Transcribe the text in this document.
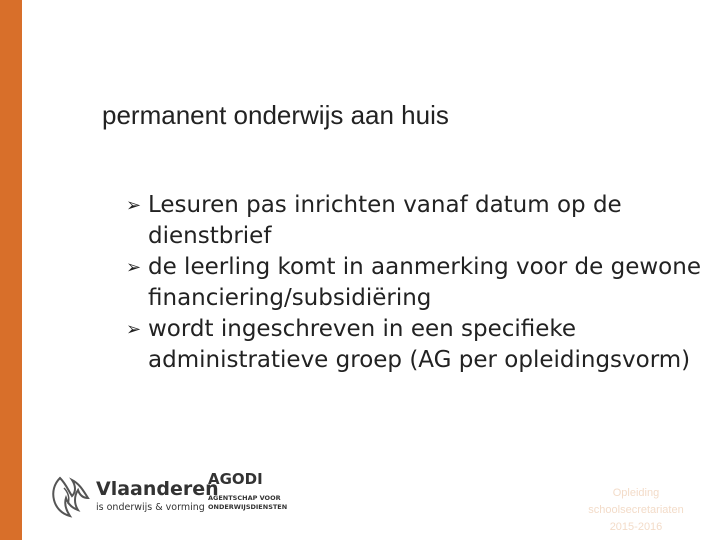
permanent onderwijs aan huis
➢ Lesuren pas inrichten vanaf datum op de dienstbrief
➢ de leerling komt in aanmerking voor de gewone financiering/subsidiëring
➢ wordt ingeschreven in een specifieke administratieve groep (AG per opleidingsvorm)
Vlaanderen
is onderwijs & vorming
AGODI
AGENTSCHAP VOOR ONDERWIJSDIENSTEN
Opleiding
schoolsecretariaten
2015-2016
